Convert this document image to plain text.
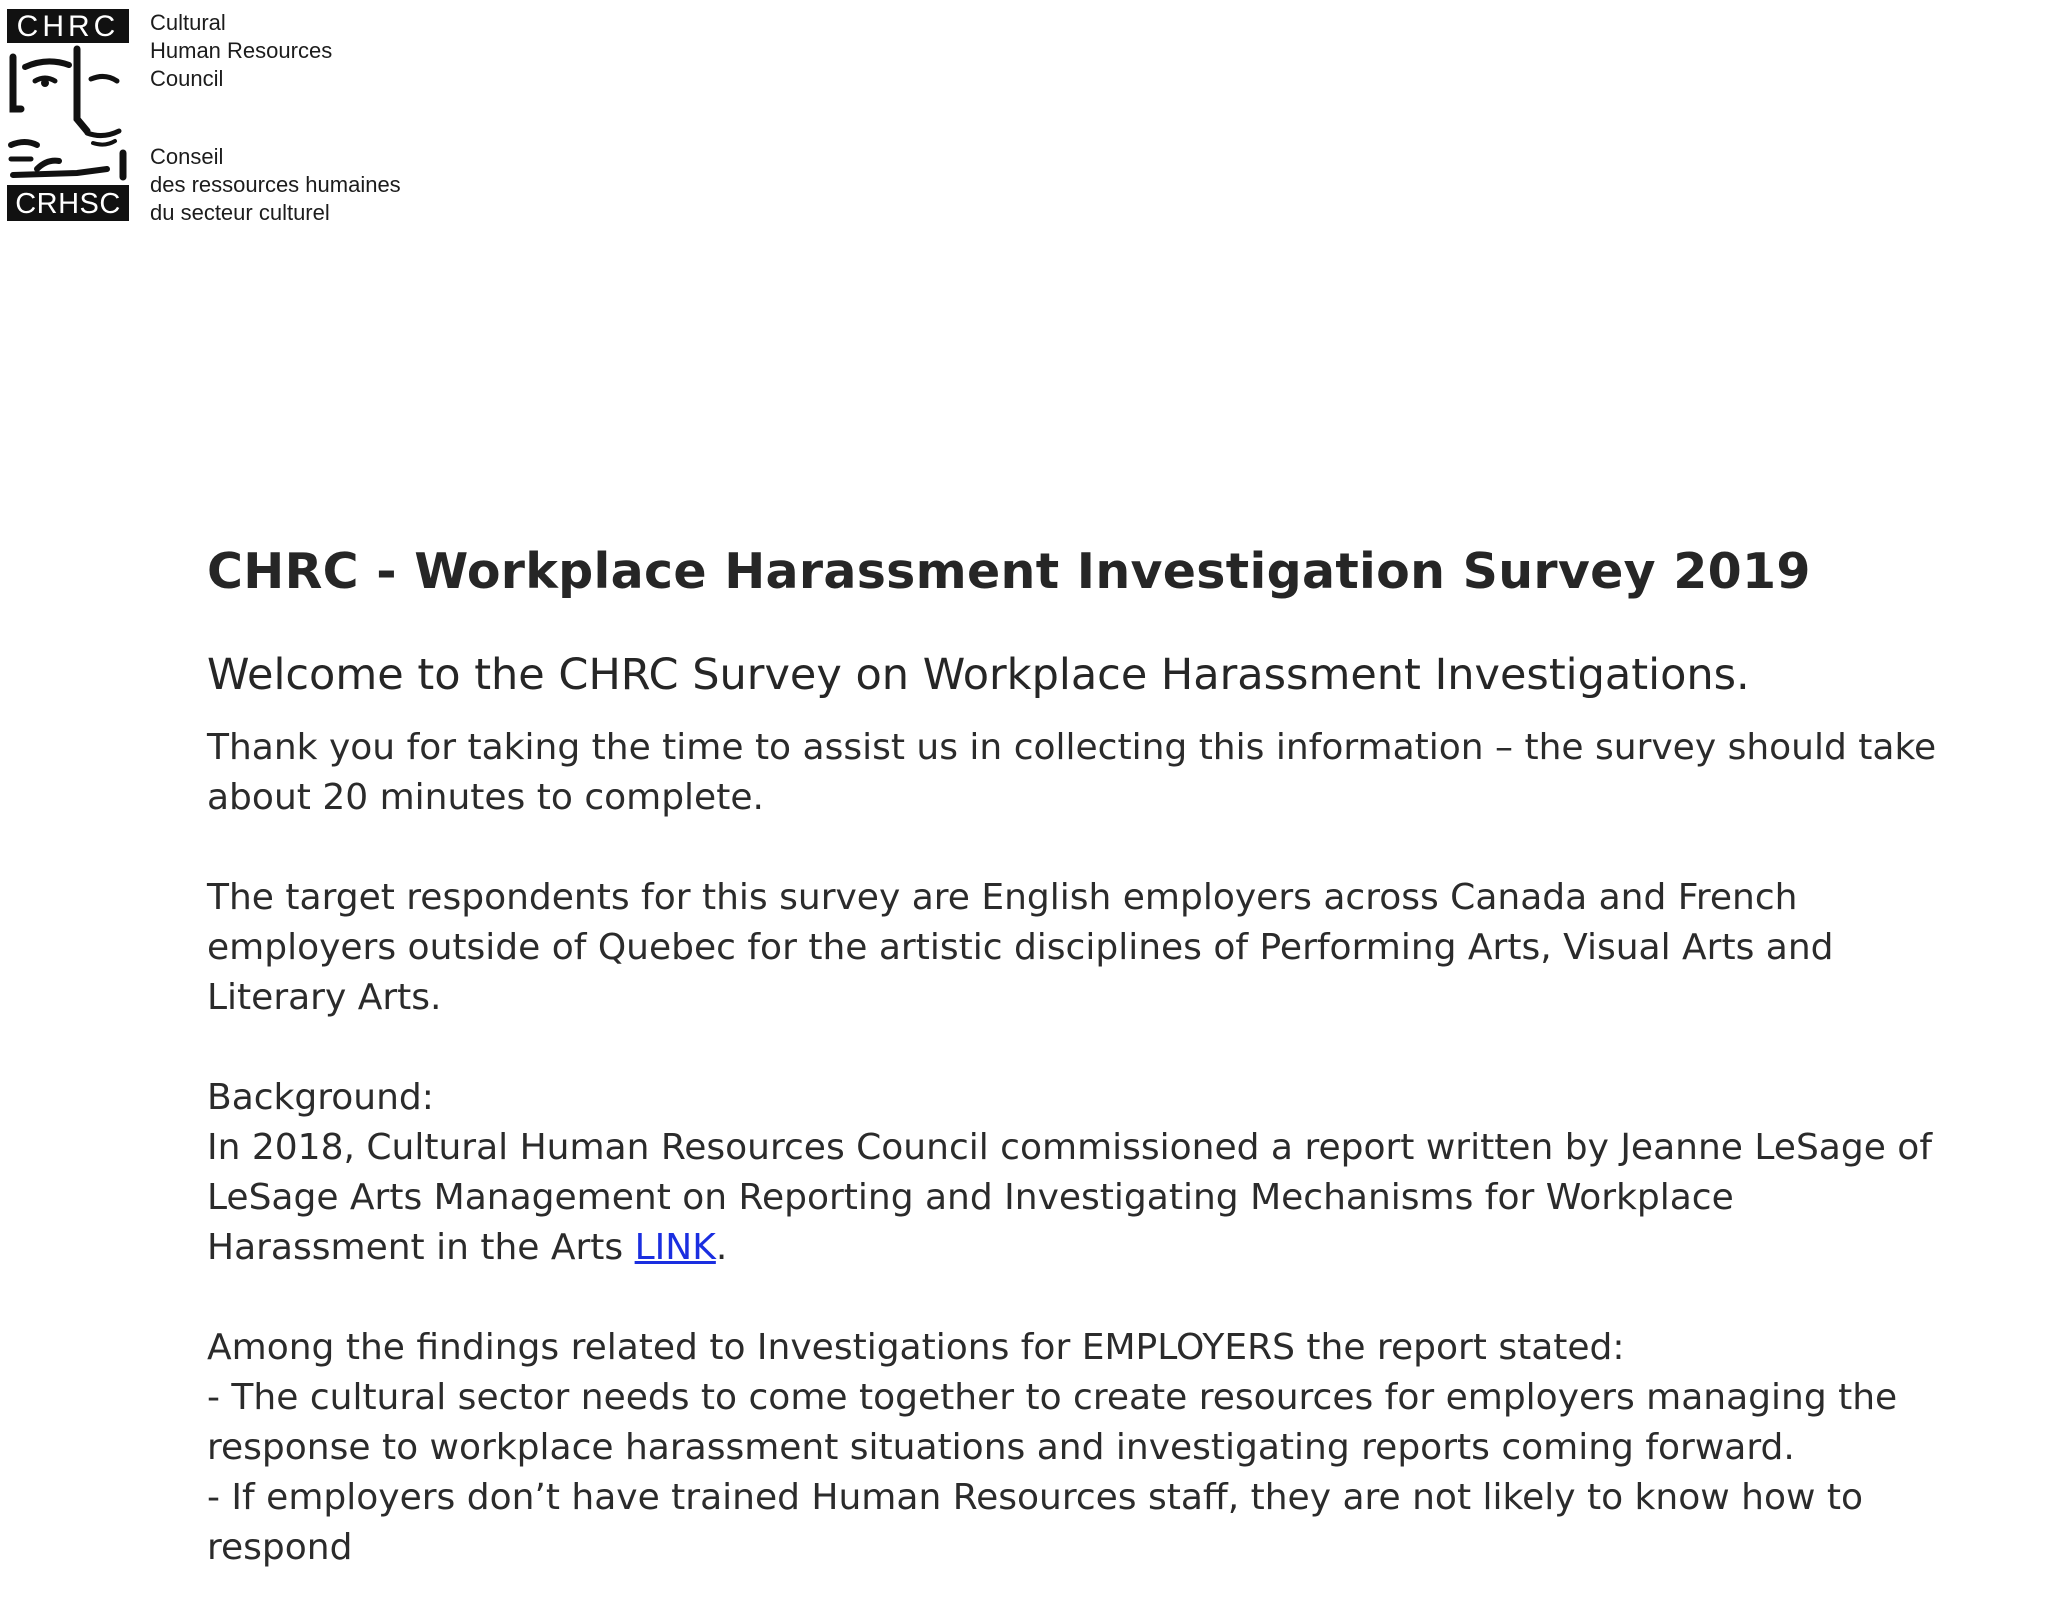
CHRC
CRHSC
Cultural
Human Resources
Council
Conseil
des ressources humaines
du secteur culturel
CHRC - Workplace Harassment Investigation Survey 2019
Welcome to the CHRC Survey on Workplace Harassment Investigations.

Thank you for taking the time to assist us in collecting this information – the survey should take about 20 minutes to complete.

The target respondents for this survey are English employers across Canada and French employers outside of Quebec for the artistic disciplines of Performing Arts, Visual Arts and Literary Arts.

Background:
In 2018, Cultural Human Resources Council commissioned a report written by Jeanne LeSage of LeSage Arts Management on Reporting and Investigating Mechanisms for Workplace Harassment in the Arts LINK.

Among the findings related to Investigations for EMPLOYERS the report stated:
- The cultural sector needs to come together to create resources for employers managing the response to workplace harassment situations and investigating reports coming forward.
- If employers don’t have trained Human Resources staff, they are not likely to know how to respond
